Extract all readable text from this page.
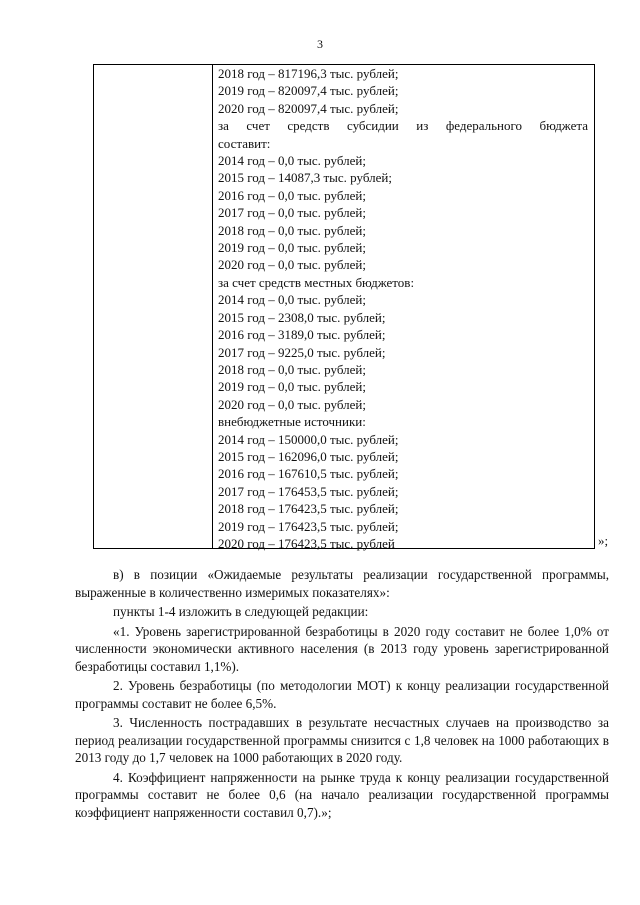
3
2018 год – 817196,3 тыс. рублей;
2019 год – 820097,4 тыс. рублей;
2020 год – 820097,4 тыс. рублей;
за счет средств субсидии из федерального бюджета
составит:
2014 год – 0,0 тыс. рублей;
2015 год – 14087,3 тыс. рублей;
2016 год – 0,0 тыс. рублей;
2017 год – 0,0 тыс. рублей;
2018 год – 0,0 тыс. рублей;
2019 год – 0,0 тыс. рублей;
2020 год – 0,0 тыс. рублей;
за счет средств местных бюджетов:
2014 год – 0,0 тыс. рублей;
2015 год – 2308,0 тыс. рублей;
2016 год – 3189,0 тыс. рублей;
2017 год – 9225,0 тыс. рублей;
2018 год – 0,0 тыс. рублей;
2019 год – 0,0 тыс. рублей;
2020 год – 0,0 тыс. рублей;
внебюджетные источники:
2014 год – 150000,0 тыс. рублей;
2015 год – 162096,0 тыс. рублей;
2016 год – 167610,5 тыс. рублей;
2017 год – 176453,5 тыс. рублей;
2018 год – 176423,5 тыс. рублей;
2019 год – 176423,5 тыс. рублей;
2020 год – 176423,5 тыс. рублей	»;

в) в позиции «Ожидаемые результаты реализации государственной программы, выраженные в количественно измеримых показателях»:

пункты 1-4 изложить в следующей редакции:

«1. Уровень зарегистрированной безработицы в 2020 году составит не более 1,0% от численности экономически активного населения (в 2013 году уровень зарегистрированной безработицы составил 1,1%).

2. Уровень безработицы (по методологии МОТ) к концу реализации государственной программы составит не более 6,5%.

3. Численность пострадавших в результате несчастных случаев на производство за период реализации государственной программы снизится с 1,8 человек на 1000 работающих в 2013 году до 1,7 человек на 1000 работающих в 2020 году.

4. Коэффициент напряженности на рынке труда к концу реализации государственной программы составит не более 0,6 (на начало реализации государственной программы коэффициент напряженности составил 0,7).»;
